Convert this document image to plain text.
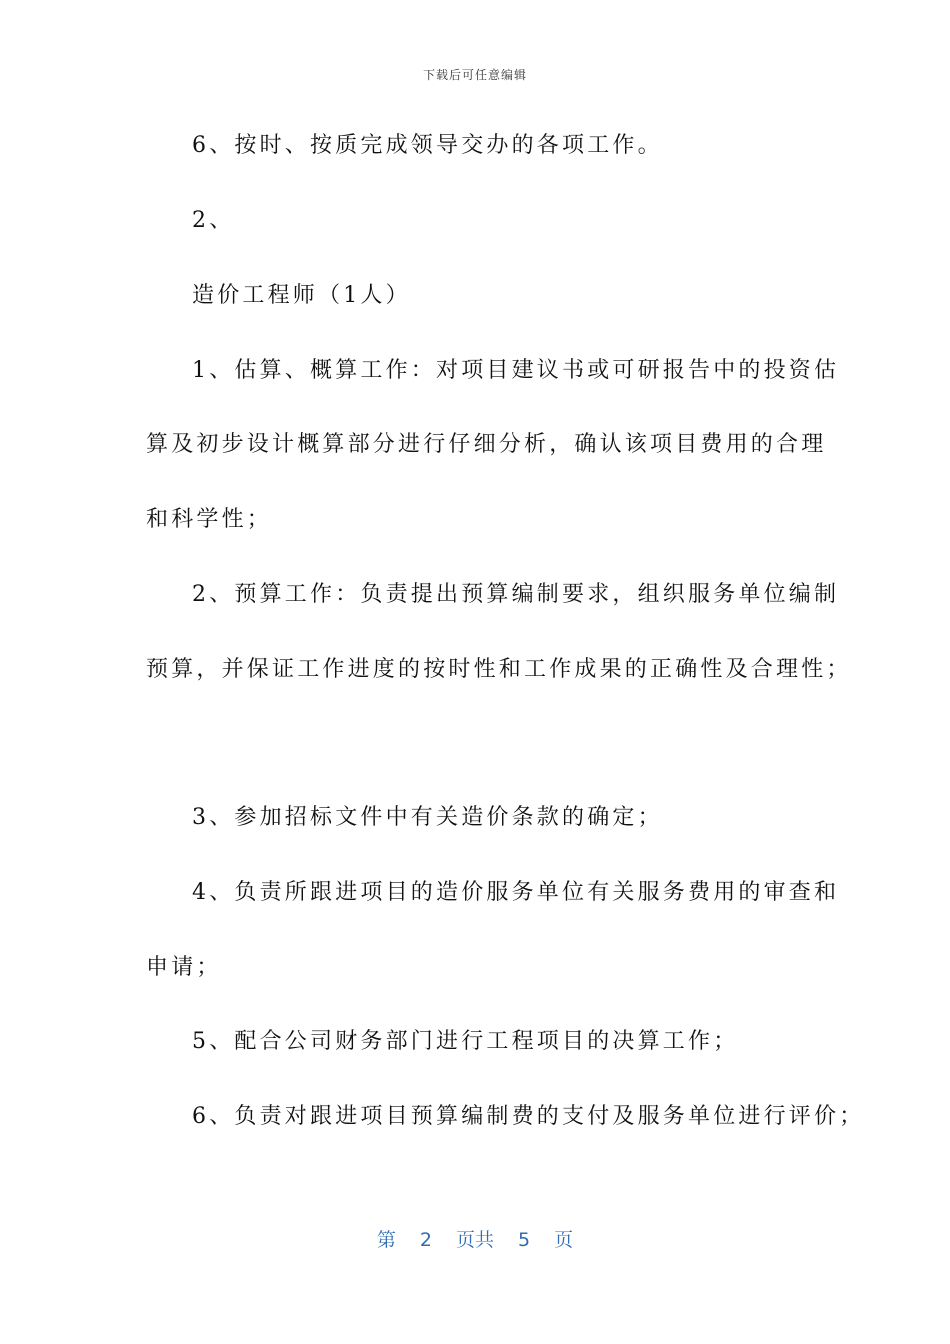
下载后可任意编辑
6、按时、按质完成领导交办的各项工作。
2、
造价工程师（1人）
1、估算、概算工作：对项目建议书或可研报告中的投资估
算及初步设计概算部分进行仔细分析，确认该项目费用的合理
和科学性；
2、预算工作：负责提出预算编制要求，组织服务单位编制
预算，并保证工作进度的按时性和工作成果的正确性及合理性；
3、参加招标文件中有关造价条款的确定；
4、负责所跟进项目的造价服务单位有关服务费用的审查和
申请；
5、配合公司财务部门进行工程项目的决算工作；
6、负责对跟进项目预算编制费的支付及服务单位进行评价；
第 2 页共 5 页
